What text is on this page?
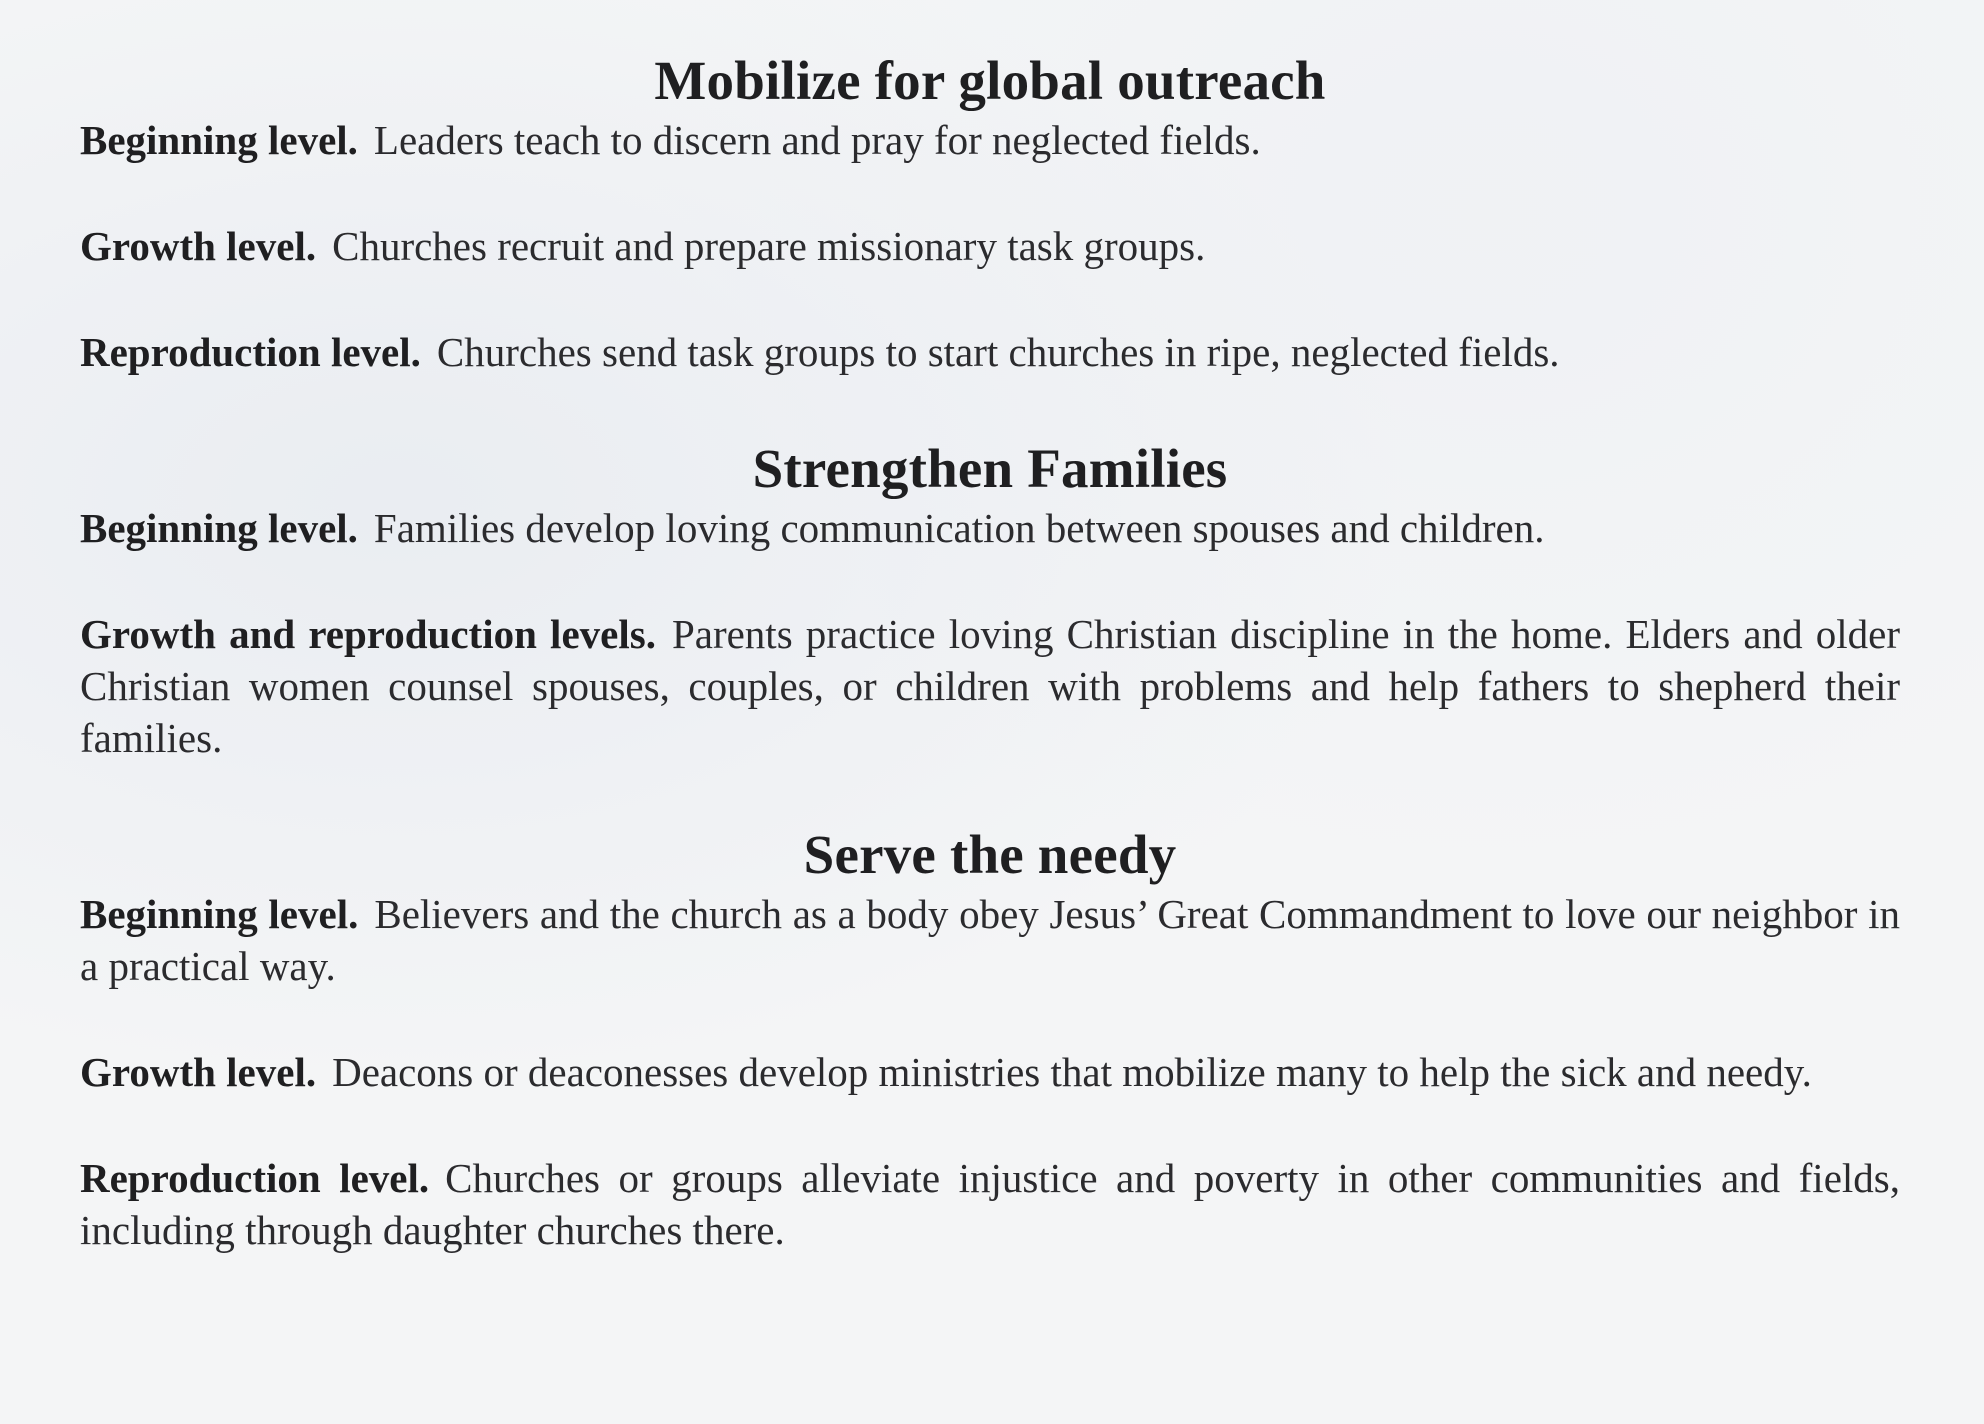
Mobilize for global outreach

Beginning level. Leaders teach to discern and pray for neglected fields.

Growth level. Churches recruit and prepare missionary task groups.

Reproduction level. Churches send task groups to start churches in ripe, neglected fields.

Strengthen Families

Beginning level. Families develop loving communication between spouses and children.

Growth and reproduction levels. Parents practice loving Christian discipline in the home. Elders and older Christian women counsel spouses, couples, or children with problems and help fathers to shepherd their families.

Serve the needy

Beginning level. Believers and the church as a body obey Jesus’ Great Commandment to love our neighbor in a practical way.

Growth level. Deacons or deaconesses develop ministries that mobilize many to help the sick and needy.

Reproduction level. Churches or groups alleviate injustice and poverty in other communities and fields, including through daughter churches there.
